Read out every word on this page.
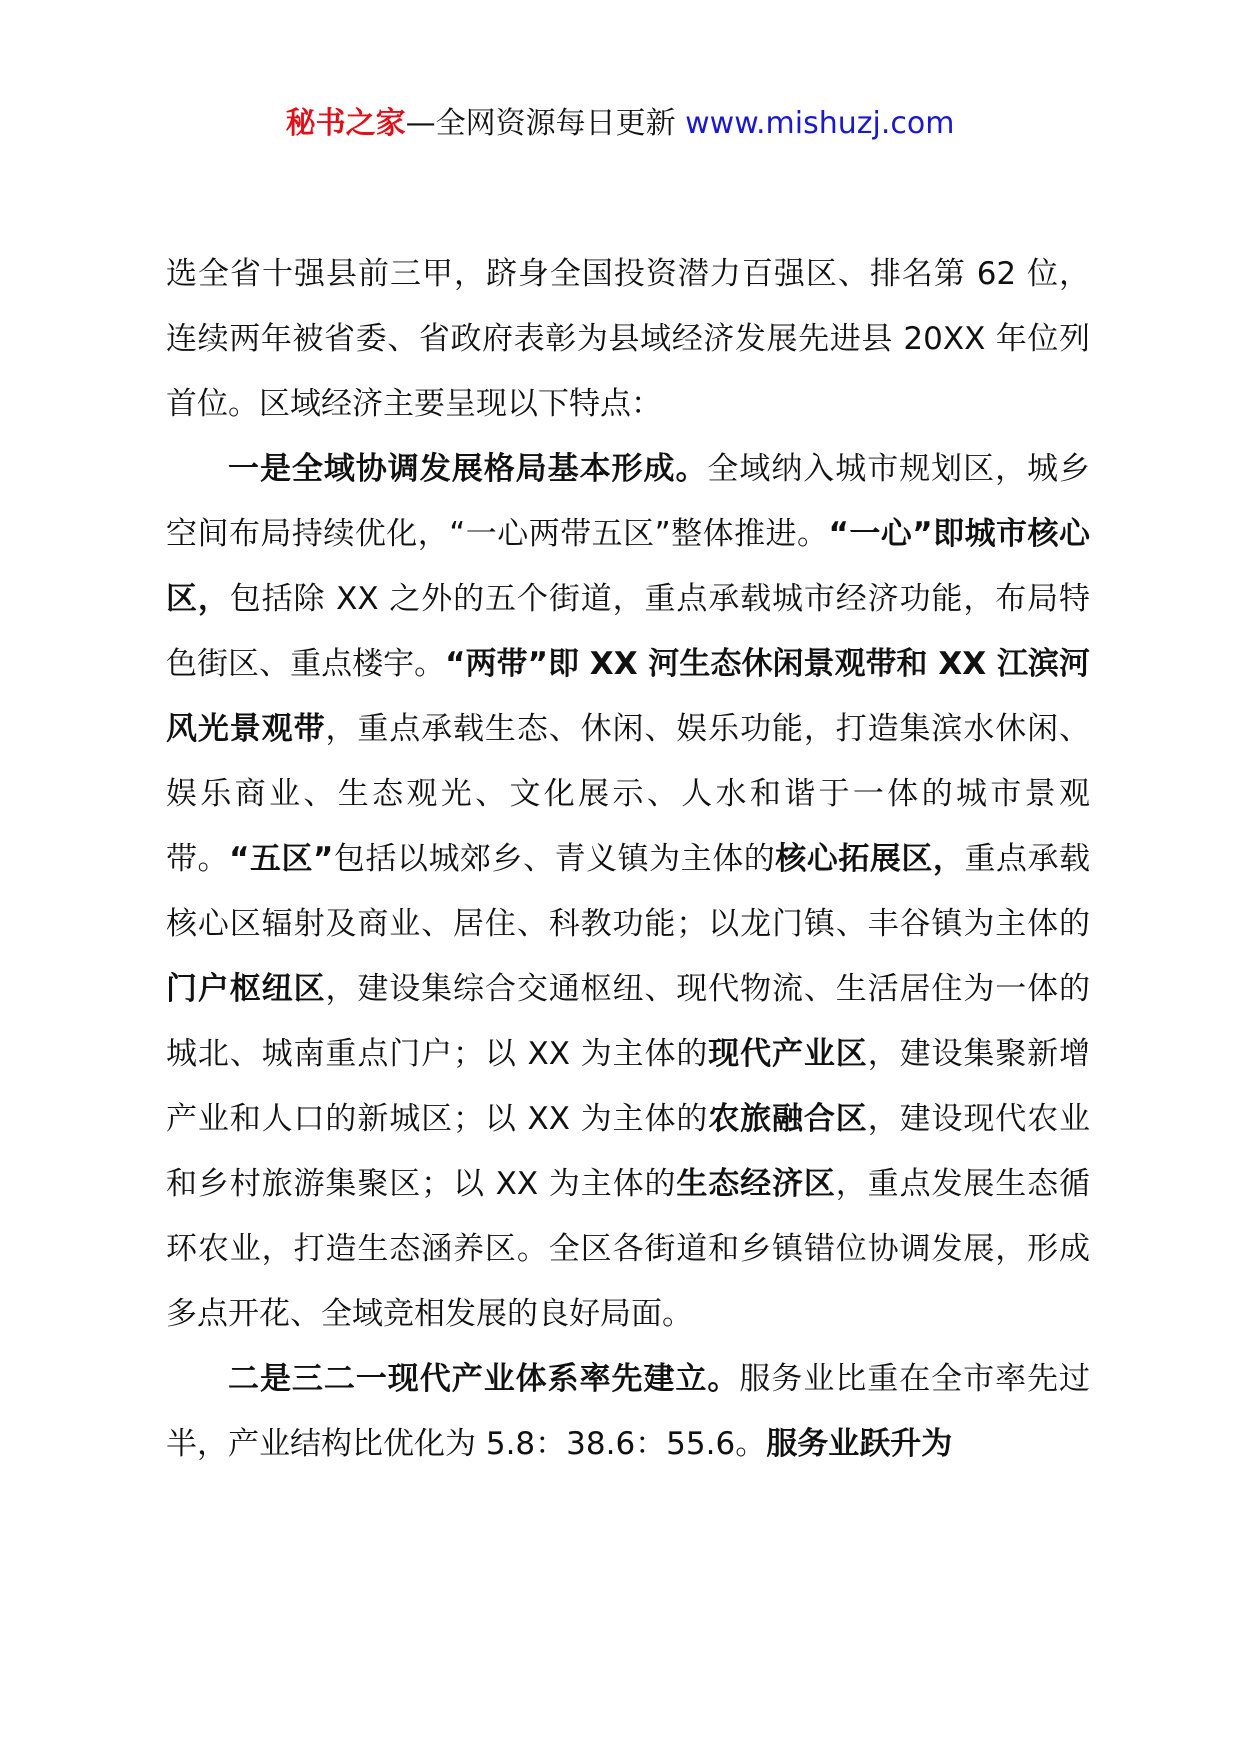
秘书之家—全网资源每日更新 www.mishuzj.com

选全省十强县前三甲，跻身全国投资潜力百强区、排名第 62 位，连续两年被省委、省政府表彰为县域经济发展先进县 20XX 年位列首位。区域经济主要呈现以下特点：

一是全域协调发展格局基本形成。全域纳入城市规划区，城乡空间布局持续优化，“一心两带五区”整体推进。“一心”即城市核心区，包括除 XX 之外的五个街道，重点承载城市经济功能，布局特色街区、重点楼宇。“两带”即 XX 河生态休闲景观带和 XX 江滨河风光景观带，重点承载生态、休闲、娱乐功能，打造集滨水休闲、娱乐商业、生态观光、文化展示、人水和谐于一体的城市景观带。“五区”包括以城郊乡、青义镇为主体的核心拓展区，重点承载核心区辐射及商业、居住、科教功能；以龙门镇、丰谷镇为主体的门户枢纽区，建设集综合交通枢纽、现代物流、生活居住为一体的城北、城南重点门户；以 XX 为主体的现代产业区，建设集聚新增产业和人口的新城区；以 XX 为主体的农旅融合区，建设现代农业和乡村旅游集聚区；以 XX 为主体的生态经济区，重点发展生态循环农业，打造生态涵养区。全区各街道和乡镇错位协调发展，形成多点开花、全域竞相发展的良好局面。

二是三二一现代产业体系率先建立。服务业比重在全市率先过半，产业结构比优化为 5.8：38.6：55.6。服务业跃升为
